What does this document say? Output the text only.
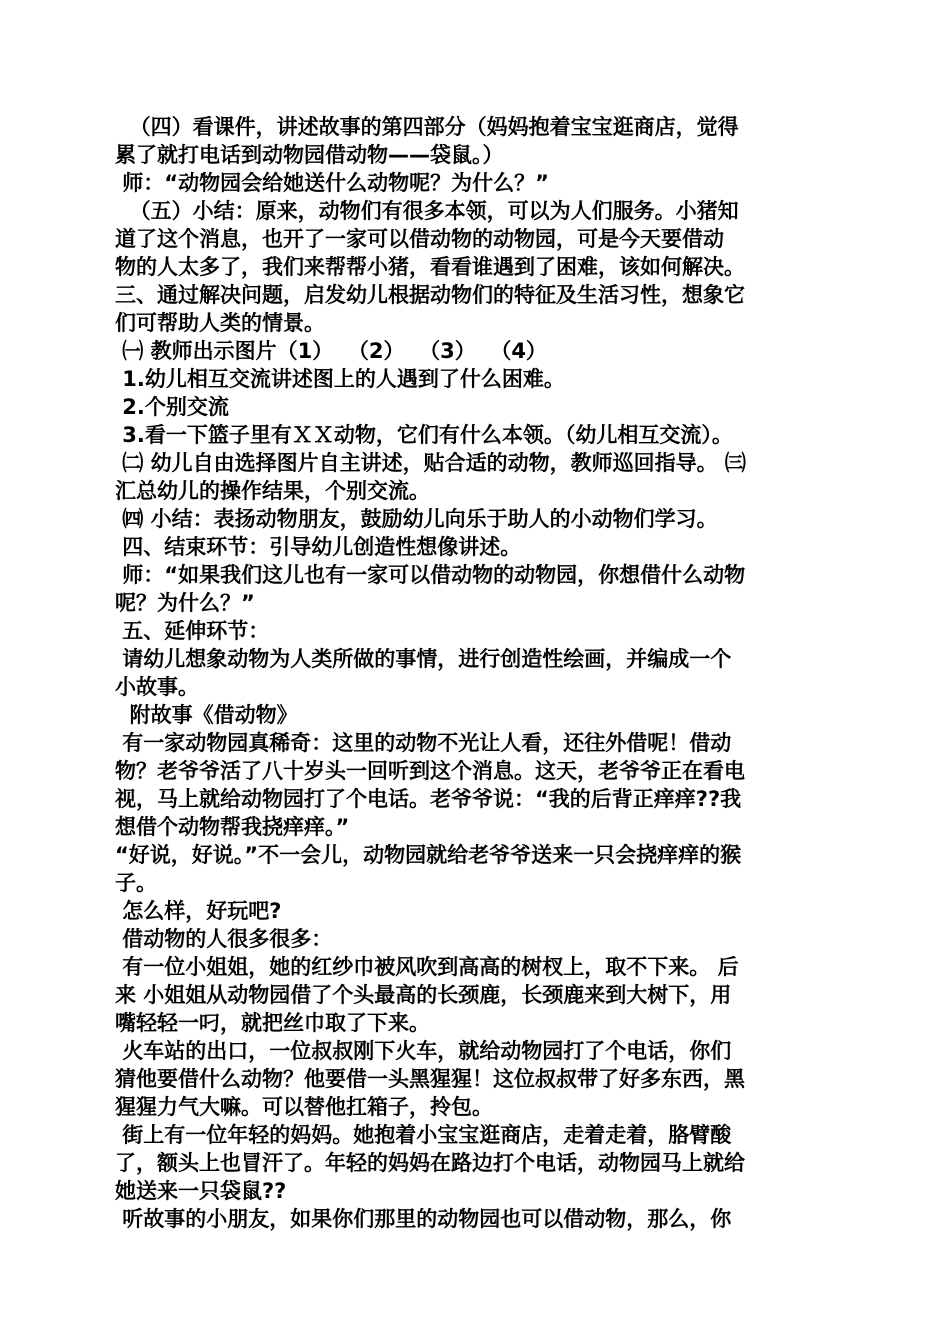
（四）看课件，讲述故事的第四部分（妈妈抱着宝宝逛商店，觉得
累了就打电话到动物园借动物——袋鼠。）
师：“动物园会给她送什么动物呢？为什么？”
（五）小结：原来，动物们有很多本领，可以为人们服务。小猪知
道了这个消息，也开了一家可以借动物的动物园，可是今天要借动
物的人太多了，我们来帮帮小猪，看看谁遇到了困难，该如何解决。
三、通过解决问题，启发幼儿根据动物们的特征及生活习性，想象它
们可帮助人类的情景。
㈠ 教师出示图片（1）  （2）  （3）  （4）
1.幼儿相互交流讲述图上的人遇到了什么困难。
2.个别交流
3.看一下篮子里有ＸＸ动物，它们有什么本领。（幼儿相互交流）。
㈡ 幼儿自由选择图片自主讲述，贴合适的动物，教师巡回指导。 ㈢
汇总幼儿的操作结果，个别交流。
㈣ 小结：表扬动物朋友，鼓励幼儿向乐于助人的小动物们学习。
四、结束环节：引导幼儿创造性想像讲述。
师：“如果我们这儿也有一家可以借动物的动物园，你想借什么动物
呢？为什么？”
五、延伸环节：
请幼儿想象动物为人类所做的事情，进行创造性绘画，并编成一个
小故事。
附故事《借动物》
有一家动物园真稀奇：这里的动物不光让人看，还往外借呢！借动
物？老爷爷活了八十岁头一回听到这个消息。这天，老爷爷正在看电
视，马上就给动物园打了个电话。老爷爷说：“我的后背正痒痒??我
想借个动物帮我挠痒痒。”
“好说，好说。”不一会儿，动物园就给老爷爷送来一只会挠痒痒的猴
子。
怎么样，好玩吧?
借动物的人很多很多：
有一位小姐姐，她的红纱巾被风吹到高高的树杈上，取不下来。 后
来 小姐姐从动物园借了个头最高的长颈鹿，长颈鹿来到大树下，用
嘴轻轻一叼，就把丝巾取了下来。
火车站的出口，一位叔叔刚下火车，就给动物园打了个电话，你们
猜他要借什么动物？他要借一头黑猩猩！这位叔叔带了好多东西，黑
猩猩力气大嘛。可以替他扛箱子，拎包。
街上有一位年轻的妈妈。她抱着小宝宝逛商店，走着走着，胳臂酸
了，额头上也冒汗了。年轻的妈妈在路边打个电话，动物园马上就给
她送来一只袋鼠??
听故事的小朋友，如果你们那里的动物园也可以借动物，那么，你
